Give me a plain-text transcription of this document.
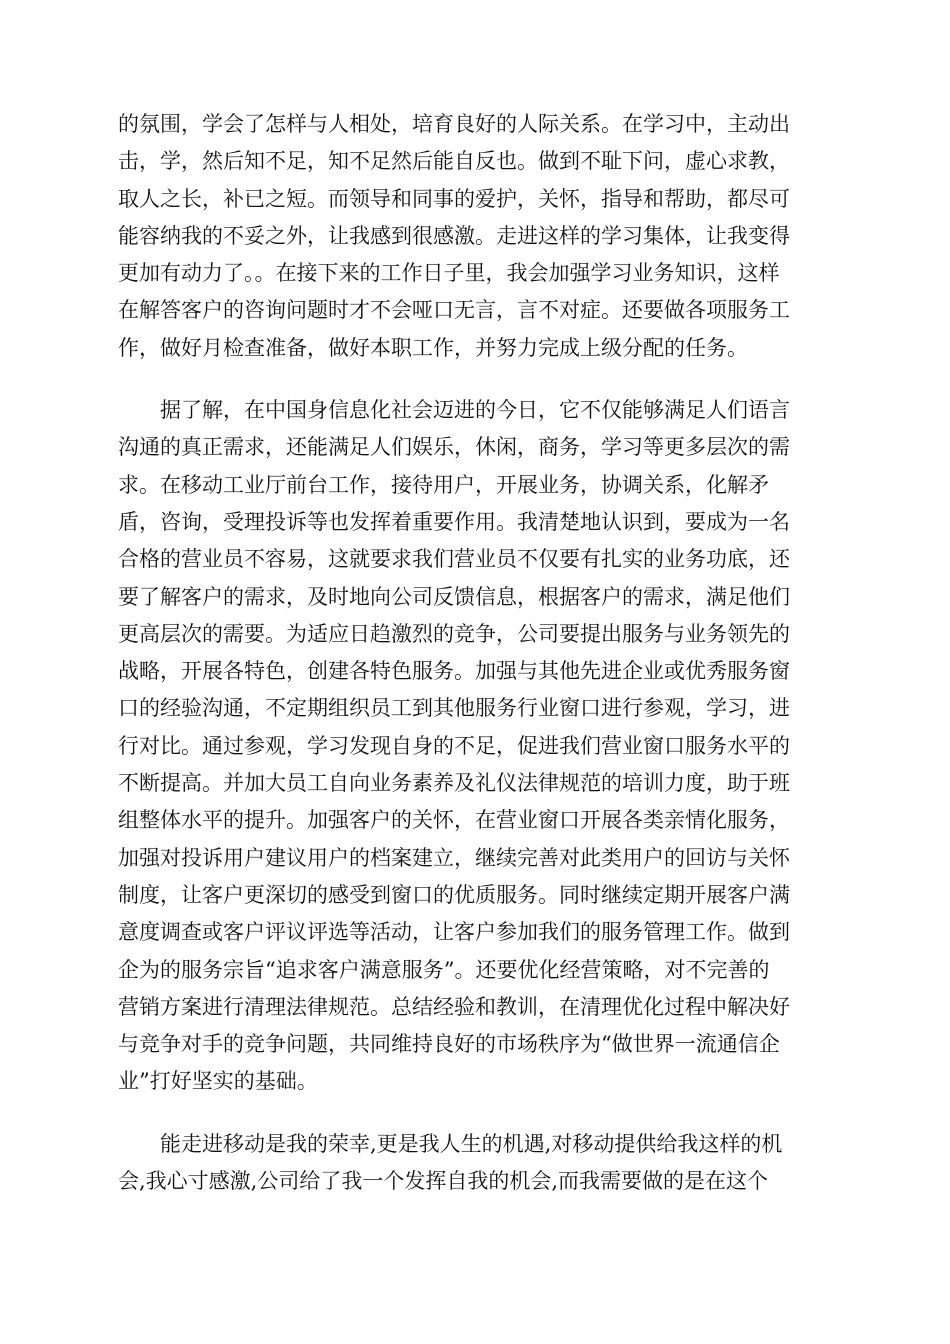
的氛围，学会了怎样与人相处，培育良好的人际关系。在学习中，主动出
击，学，然后知不足，知不足然后能自反也。做到不耻下问，虚心求教，
取人之长，补已之短。而领导和同事的爱护，关怀，指导和帮助，都尽可
能容纳我的不妥之外，让我感到很感激。走进这样的学习集体，让我变得
更加有动力了。。在接下来的工作日子里，我会加强学习业务知识，这样
在解答客户的咨询问题时才不会哑口无言，言不对症。还要做各项服务工
作，做好月检查准备，做好本职工作，并努力完成上级分配的任务。
据了解，在中国身信息化社会迈进的今日，它不仅能够满足人们语言
沟通的真正需求，还能满足人们娱乐，休闲，商务，学习等更多层次的需
求。在移动工业厅前台工作，接待用户，开展业务，协调关系，化解矛
盾，咨询，受理投诉等也发挥着重要作用。我清楚地认识到，要成为一名
合格的营业员不容易，这就要求我们营业员不仅要有扎实的业务功底，还
要了解客户的需求，及时地向公司反馈信息，根据客户的需求，满足他们
更高层次的需要。为适应日趋激烈的竞争，公司要提出服务与业务领先的
战略，开展各特色，创建各特色服务。加强与其他先进企业或优秀服务窗
口的经验沟通，不定期组织员工到其他服务行业窗口进行参观，学习，进
行对比。通过参观，学习发现自身的不足，促进我们营业窗口服务水平的
不断提高。并加大员工自向业务素养及礼仪法律规范的培训力度，助于班
组整体水平的提升。加强客户的关怀，在营业窗口开展各类亲情化服务，
加强对投诉用户建议用户的档案建立，继续完善对此类用户的回访与关怀
制度，让客户更深切的感受到窗口的优质服务。同时继续定期开展客户满
意度调查或客户评议评选等活动，让客户参加我们的服务管理工作。做到
企为的服务宗旨“追求客户满意服务”。还要优化经营策略，对不完善的
营销方案进行清理法律规范。总结经验和教训，在清理优化过程中解决好
与竞争对手的竞争问题，共同维持良好的市场秩序为“做世界一流通信企
业”打好坚实的基础。
能走进移动是我的荣幸,更是我人生的机遇,对移动提供给我这样的机
会,我心寸感激,公司给了我一个发挥自我的机会,而我需要做的是在这个
